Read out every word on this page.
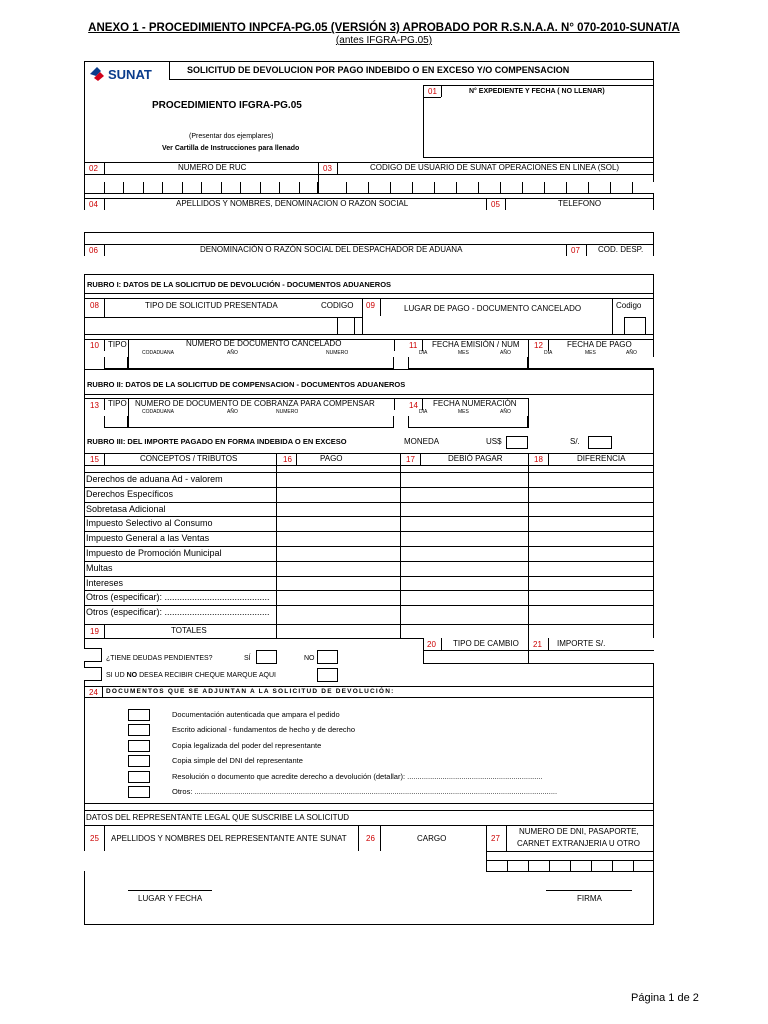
ANEXO 1 - PROCEDIMIENTO INPCFA-PG.05 (VERSIÓN 3) APROBADO POR R.S.N.A.A. N° 070-2010-SUNAT/A
(antes IFGRA-PG.05)
SUNAT	SOLICITUD DE DEVOLUCION POR PAGO INDEBIDO O EN EXCESO Y/O COMPENSACION
PROCEDIMIENTO IFGRA-PG.05
(Presentar dos ejemplares)
Ver Cartilla de Instrucciones para llenado
01	N° EXPEDIENTE Y FECHA ( NO LLENAR)
02	NUMERO DE RUC	03	CODIGO DE USUARIO DE SUNAT OPERACIONES EN LINEA (SOL)
04	APELLIDOS Y NOMBRES, DENOMINACION O RAZON SOCIAL	05	TELEFONO
06	DENOMINACIÓN O RAZÓN SOCIAL DEL DESPACHADOR DE ADUANA	07 COD. DESP.
RUBRO I: DATOS DE LA SOLICITUD DE DEVOLUCIÓN - DOCUMENTOS ADUANEROS
08	TIPO DE SOLICITUD PRESENTADA	CODIGO 09	LUGAR DE PAGO - DOCUMENTO CANCELADO	Codigo
10 TIPO	NUMERO DE DOCUMENTO CANCELADO
CODADUANA	AÑO	NUMERO
11 FECHA EMISIÓN / NUM
DIA	MES	AÑO
12	FECHA DE PAGO
DIA	MES	AÑO
RUBRO II: DATOS DE LA SOLICITUD DE COMPENSACION - DOCUMENTOS ADUANEROS
13 TIPO NUMERO DE DOCUMENTO DE COBRANZA PARA COMPENSAR
CODADUANA	AÑO	NUMERO
14 FECHA NUMERACIÓN
DIA	MES	AÑO
RUBRO III: DEL IMPORTE PAGADO EN FORMA INDEBIDA O EN EXCESO	MONEDA	US$	S/.
15	CONCEPTOS / TRIBUTOS	16	PAGO	17	DEBIÓ PAGAR	18	DIFERENCIA
Derechos de aduana Ad - valorem
Derechos Específicos
Sobretasa Adicional
Impuesto Selectivo al Consumo
Impuesto General a las Ventas
Impuesto de Promoción Municipal
Multas
Intereses
Otros (especificar): ..........................................
Otros (especificar): ..........................................
19	TOTALES
20 TIPO DE CAMBIO 21 IMPORTE S/.
¿TIENE DEUDAS PENDIENTES?	SÍ	NO
SI UD NO DESEA RECIBIR CHEQUE MARQUE AQUI
24 DOCUMENTOS QUE SE ADJUNTAN A LA SOLICITUD DE DEVOLUCIÓN:
Documentación autenticada que ampara el pedido
Escrito adicional - fundamentos de hecho y de derecho
Copia legalizada del poder del representante
Copia simple del DNI del representante
Resolución o documento que acredite derecho a devolución (detallar): .................................................................
Otros: ..............................................................................................................................................................................
DATOS DEL REPRESENTANTE LEGAL QUE SUSCRIBE LA SOLICITUD
25 APELLIDOS Y NOMBRES DEL REPRESENTANTE ANTE SUNAT 26	CARGO	27
NUMERO DE DNI, PASAPORTE,
CARNET EXTRANJERIA U OTRO
LUGAR Y FECHA	FIRMA
Página 1 de 2
